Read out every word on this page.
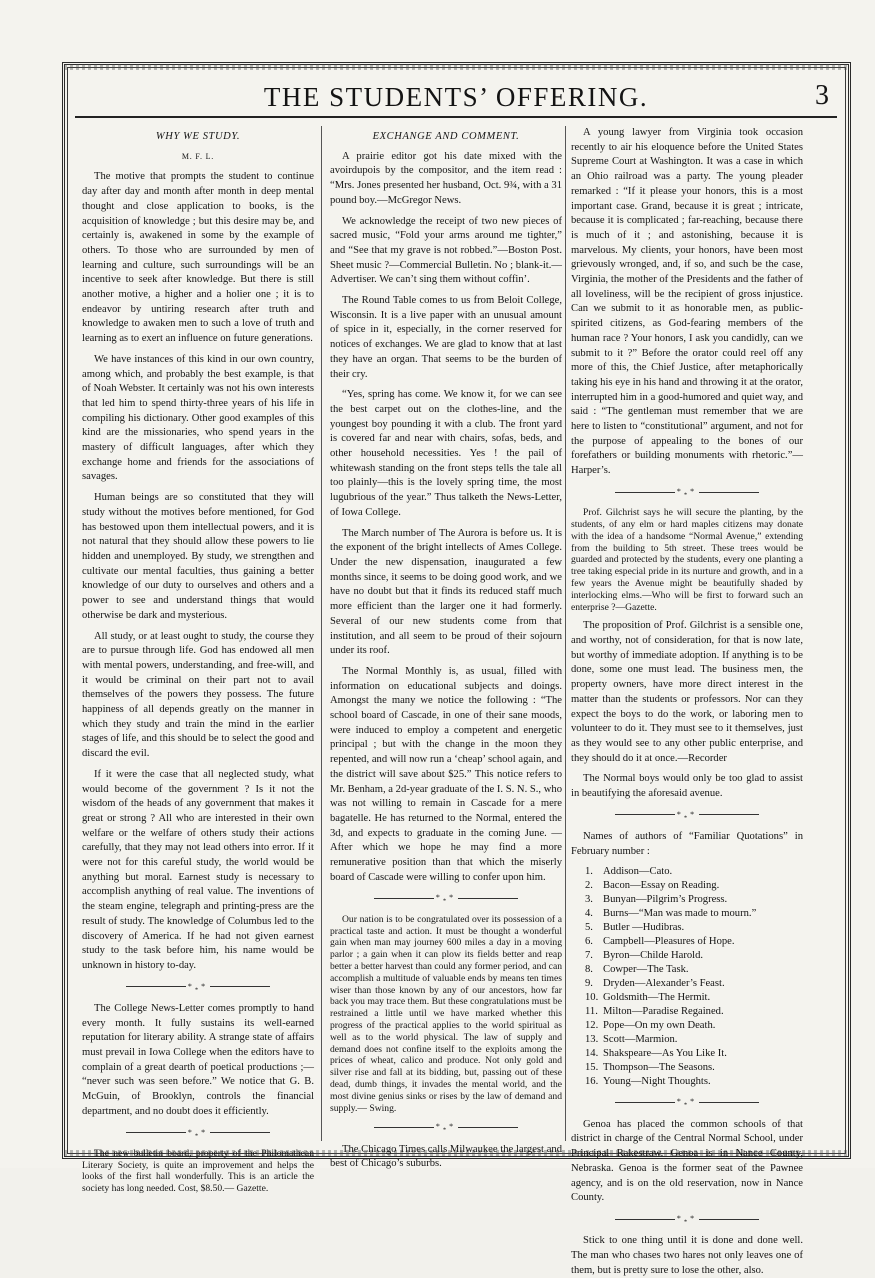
THE STUDENTS’ OFFERING.	3
WHY WE STUDY.
M. F. L.

The motive that prompts the student to continue day after day and month after month in deep mental thought and close application to books, is the acquisition of knowledge ; but this desire may be, and certainly is, awakened in some by the example of others. To those who are surrounded by men of learning and culture, such surroundings will be an incentive to seek after knowledge. But there is still another motive, a higher and a holier one ; it is to endeavor by untiring research after truth and knowledge to awaken men to such a love of truth and learning as to exert an influence on future generations.

We have instances of this kind in our own country, among which, and probably the best example, is that of Noah Webster. It certainly was not his own interests that led him to spend thirty-three years of his life in compiling his dictionary. Other good examples of this kind are the missionaries, who spend years in the mastery of difficult languages, after which they exchange home and friends for the associations of savages.

Human beings are so constituted that they will study without the motives before mentioned, for God has bestowed upon them intellectual powers, and it is not natural that they should allow these powers to lie hidden and unemployed. By study, we strengthen and cultivate our mental faculties, thus gaining a better knowledge of our duty to ourselves and others and a power to see and understand things that would otherwise be dark and mysterious.

All study, or at least ought to study, the course they are to pursue through life. God has endowed all men with mental powers, understanding, and free-will, and it would be criminal on their part not to avail themselves of the powers they possess. The future happiness of all depends greatly on the manner in which they study and train the mind in the earlier stages of life, and this should be to select the good and discard the evil.

If it were the case that all neglected study, what would become of the government ? Is it not the wisdom of the heads of any government that makes it great or strong ? All who are interested in their own welfare or the welfare of others study their actions carefully, that they may not lead others into error. If it were not for this careful study, the world would be anything but moral. Earnest study is necessary to accomplish anything of real value. The inventions of the steam engine, telegraph and printing-press are the result of study. The knowledge of Columbus led to the discovery of America. If he had not given earnest study to the task before him, his name would be unknown in history to-day.

$*_**$

The College News-Letter comes promptly to hand every month. It fully sustains its well-earned reputation for literary ability. A strange state of affairs must prevail in Iowa College when the editors have to complain of a great dearth of poetical productions ;— “never such was seen before.” We notice that G. B. McGuin, of Brooklyn, controls the financial department, and no doubt does it efficiently.

$*_**$

The new bulletin board, property of the Philomathean Literary Society, is quite an improvement and helps the looks of the first hall wonderfully. This is an article the society has long needed. Cost, $8.50.— Gazette.

EXCHANGE AND COMMENT.

A prairie editor got his date mixed with the avoirdupois by the compositor, and the item read : “Mrs. Jones presented her husband, Oct. 9¾, with a 31 pound boy.—McGregor News.

We acknowledge the receipt of two new pieces of sacred music, “Fold your arms around me tighter,” and “See that my grave is not robbed.”—Boston Post. Sheet music ?—Commercial Bulletin. No ; blank-it.—Advertiser. We can’t sing them without coffin’.

The Round Table comes to us from Beloit College, Wisconsin. It is a live paper with an unusual amount of spice in it, especially, in the corner reserved for notices of exchanges. We are glad to know that at last they have an organ. That seems to be the burden of their cry.

“Yes, spring has come. We know it, for we can see the best carpet out on the clothes-line, and the youngest boy pounding it with a club. The front yard is covered far and near with chairs, sofas, beds, and other household necessities. Yes ! the pail of whitewash standing on the front steps tells the tale all too plainly—this is the lovely spring time, the most lugubrious of the year.” Thus talketh the News-Letter, of Iowa College.

The March number of The Aurora is before us. It is the exponent of the bright intellects of Ames College. Under the new dispensation, inaugurated a few months since, it seems to be doing good work, and we have no doubt but that it finds its reduced staff much more efficient than the larger one it had formerly. Several of our new students come from that institution, and all seem to be proud of their sojourn under its roof.

The Normal Monthly is, as usual, filled with information on educational subjects and doings. Amongst the many we notice the following : “The school board of Cascade, in one of their sane moods, were induced to employ a competent and energetic principal ; but with the change in the moon they repented, and will now run a ‘cheap’ school again, and the district will save about $25.” This notice refers to Mr. Benham, a 2d-year graduate of the I. S. N. S., who was not willing to remain in Cascade for a mere bagatelle. He has returned to the Normal, entered the 3d, and expects to graduate in the coming June. —After which we hope he may find a more remunerative position than that which the miserly board of Cascade were willing to confer upon him.

$*_**$

Our nation is to be congratulated over its possession of a practical taste and action. It must be thought a wonderful gain when man may journey 600 miles a day in a moving parlor ; a gain when it can plow its fields better and reap better a better harvest than could any former period, and can accomplish a multitude of valuable ends by means ten times wiser than those known by any of our ancestors, how far back you may trace them. But these congratulations must be restrained a little until we have marked whether this progress of the practical applies to the world spiritual as well as to the world physical. The law of supply and demand does not confine itself to the exploits among the prices of wheat, calico and produce. Not only gold and silver rise and fall at its bidding, but, passing out of these dead, dumb things, it invades the mental world, and the most divine genius sinks or rises by the law of demand and supply.— Swing.

$*_**$

The Chicago Times calls Milwaukee the largest and best of Chicago’s suburbs.

A young lawyer from Virginia took occasion recently to air his eloquence before the United States Supreme Court at Washington. It was a case in which an Ohio railroad was a party. The young pleader remarked : “If it please your honors, this is a most important case. Grand, because it is great ; intricate, because it is complicated ; far-reaching, because there is much of it ; and astonishing, because it is marvelous. My clients, your honors, have been most grievously wronged, and, if so, and such be the case, Virginia, the mother of the Presidents and the father of all loveliness, will be the recipient of gross injustice. Can we submit to it as honorable men, as public-spirited citizens, as God-fearing members of the human race ? Your honors, I ask you candidly, can we submit to it ?” Before the orator could reel off any more of this, the Chief Justice, after metaphorically taking his eye in his hand and throwing it at the orator, interrupted him in a good-humored and quiet way, and said : “The gentleman must remember that we are here to listen to “constitutional” argument, and not for the purpose of appealing to the bones of our forefathers or building monuments with rhetoric.”—Harper’s.

$*_**$

Prof. Gilchrist says he will secure the planting, by the students, of any elm or hard maples citizens may donate with the idea of a handsome “Normal Avenue,” extending from the building to 5th street. These trees would be guarded and protected by the students, every one planting a tree taking especial pride in its nurture and growth, and in a few years the Avenue might be beautifully shaded by interlocking elms.—Who will be first to forward such an enterprise ?—Gazette.

The proposition of Prof. Gilchrist is a sensible one, and worthy, not of consideration, for that is now late, but worthy of immediate adoption. If anything is to be done, some one must lead. The business men, the property owners, have more direct interest in the matter than the students or professors. Nor can they expect the boys to do the work, or laboring men to volunteer to do it. They must see to it themselves, just as they would see to any other public enterprise, and they should do it at once.—Recorder

The Normal boys would only be too glad to assist in beautifying the aforesaid avenue.

$*_**$

Names of authors of “Familiar Quotations” in February number :

1. Addison—Cato.
2. Bacon—Essay on Reading.
3. Bunyan—Pilgrim’s Progress.
4. Burns—“Man was made to mourn.”
5. Butler —Hudibras.
6. Campbell—Pleasures of Hope.
7. Byron—Childe Harold.
8. Cowper—The Task.
9. Dryden—Alexander’s Feast.
10. Goldsmith—The Hermit.
11. Milton—Paradise Regained.
12. Pope—On my own Death.
13. Scott—Marmion.
14. Shakspeare—As You Like It.
15. Thompson—The Seasons.
16. Young—Night Thoughts.
$*_**$

Genoa has placed the common schools of that district in charge of the Central Normal School, under Principal Rakestraw. Genoa is in Nance County, Nebraska. Genoa is the former seat of the Pawnee agency, and is on the old reservation, now in Nance County.

$*_**$

Stick to one thing until it is done and done well. The man who chases two hares not only leaves one of them, but is pretty sure to lose the other, also.
